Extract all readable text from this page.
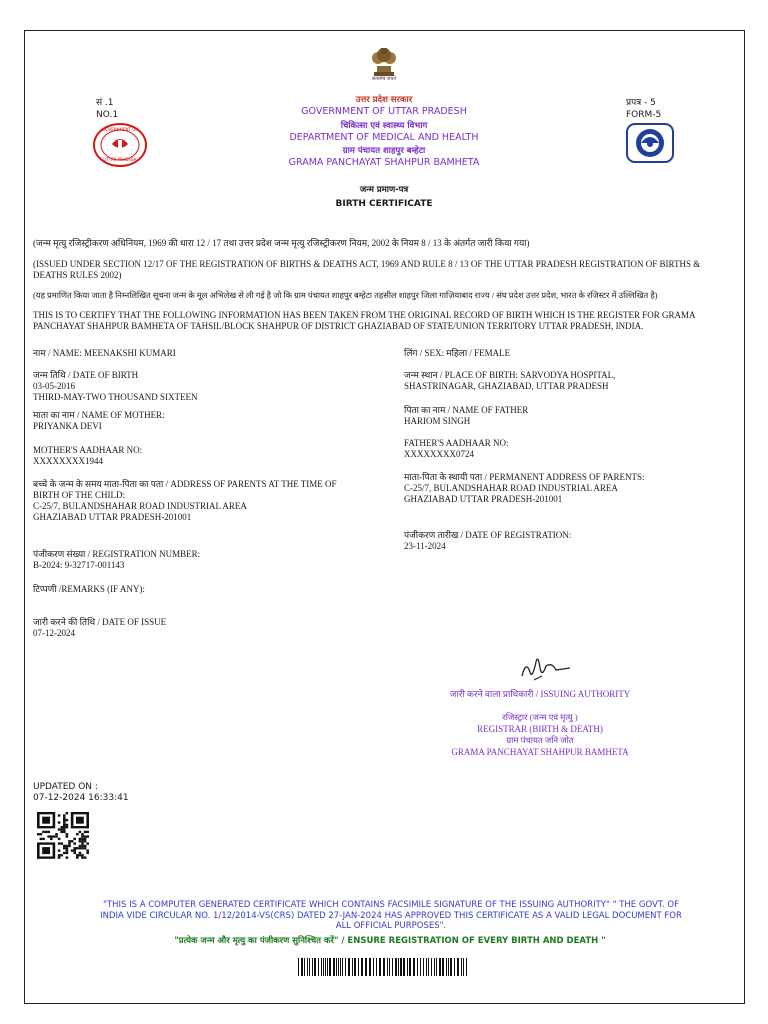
सत्यमेव जयते
सं .1
NO.1
GOVERNMENT OF
UTTAR PRADESH
प्रपत्र - 5
FORM-5
उत्तर प्रदेश सरकार
GOVERNMENT OF UTTAR PRADESH
चिकित्सा एवं स्वास्थ्य विभाग
DEPARTMENT OF MEDICAL AND HEALTH
ग्राम पंचायत शाहपुर बम्हेटा
GRAMA PANCHAYAT SHAHPUR BAMHETA
जन्म प्रमाण-पत्र
BIRTH CERTIFICATE
(जन्म मृत्यु रजिस्ट्रीकरण अधिनियम, 1969 की धारा 12 / 17 तथा उत्तर प्रदेश जन्म मृत्यु रजिस्ट्रीकरण नियम, 2002 के नियम 8 / 13 के अंतर्गत जारी किया गया)
(ISSUED UNDER SECTION 12/17 OF THE REGISTRATION OF BIRTHS & DEATHS ACT, 1969 AND RULE 8 / 13 OF THE UTTAR PRADESH REGISTRATION OF BIRTHS & DEATHS RULES 2002)
(यह प्रमाणित किया जाता है निम्नलिखित सूचना जन्म के मूल अभिलेख से ली गई है जो कि ग्राम पंचायत शाहपुर बम्हेटा तहसील शाहपुर जिला गाज़ियाबाद राज्य / संघ प्रदेश उत्तर प्रदेश, भारत के रजिस्टर में उल्लिखित है)
THIS IS TO CERTIFY THAT THE FOLLOWING INFORMATION HAS BEEN TAKEN FROM THE ORIGINAL RECORD OF BIRTH WHICH IS THE REGISTER FOR GRAMA PANCHAYAT SHAHPUR BAMHETA OF TAHSIL/BLOCK SHAHPUR OF DISTRICT GHAZIABAD OF STATE/UNION TERRITORY UTTAR PRADESH, INDIA.
नाम / NAME: MEENAKSHI KUMARI
जन्म तिथि / DATE OF BIRTH
03-05-2016
THIRD-MAY-TWO THOUSAND SIXTEEN
माता का नाम / NAME OF MOTHER:
PRIYANKA DEVI
MOTHER'S AADHAAR NO:
XXXXXXXX1944
बच्चे के जन्म के समय माता-पिता का पता / ADDRESS OF PARENTS AT THE TIME OF
BIRTH OF THE CHILD:
C-25/7, BULANDSHAHAR ROAD INDUSTRIAL AREA
GHAZIABAD UTTAR PRADESH-201001
पंजीकरण संख्या / REGISTRATION NUMBER:
B-2024: 9-32717-001143
टिप्पणी /REMARKS (IF ANY):
जारी करने की तिथि / DATE OF ISSUE
07-12-2024
लिंग / SEX: महिला / FEMALE
जन्म स्थान / PLACE OF BIRTH: SARVODYA HOSPITAL,
SHASTRINAGAR, GHAZIABAD, UTTAR PRADESH
पिता का नाम / NAME OF FATHER
HARIOM SINGH
FATHER'S AADHAAR NO:
XXXXXXXX0724
माता-पिता के स्थायी पता / PERMANENT ADDRESS OF PARENTS:
C-25/7, BULANDSHAHAR ROAD INDUSTRIAL AREA
GHAZIABAD UTTAR PRADESH-201001
पंजीकरण तारीख / DATE OF REGISTRATION:
23-11-2024
जारी करने वाला प्राधिकारी / ISSUING AUTHORITY
रजिस्ट्रार (जन्म एवं मृत्यु )
REGISTRAR (BIRTH & DEATH)
ग्राम पंचायत जनि जोत
GRAMA PANCHAYAT SHAHPUR BAMHETA
UPDATED ON :
07-12-2024 16:33:41
"THIS IS A COMPUTER GENERATED CERTIFICATE WHICH CONTAINS FACSIMILE SIGNATURE OF THE ISSUING AUTHORITY" " THE GOVT. OF INDIA VIDE CIRCULAR NO. 1/12/2014-VS(CRS) DATED 27-JAN-2024 HAS APPROVED THIS CERTIFICATE AS A VALID LEGAL DOCUMENT FOR ALL OFFICIAL PURPOSES".
"प्रत्येक जन्म और मृत्यु का पंजीकरण सुनिश्चित करें" / ENSURE REGISTRATION OF EVERY BIRTH AND DEATH "
